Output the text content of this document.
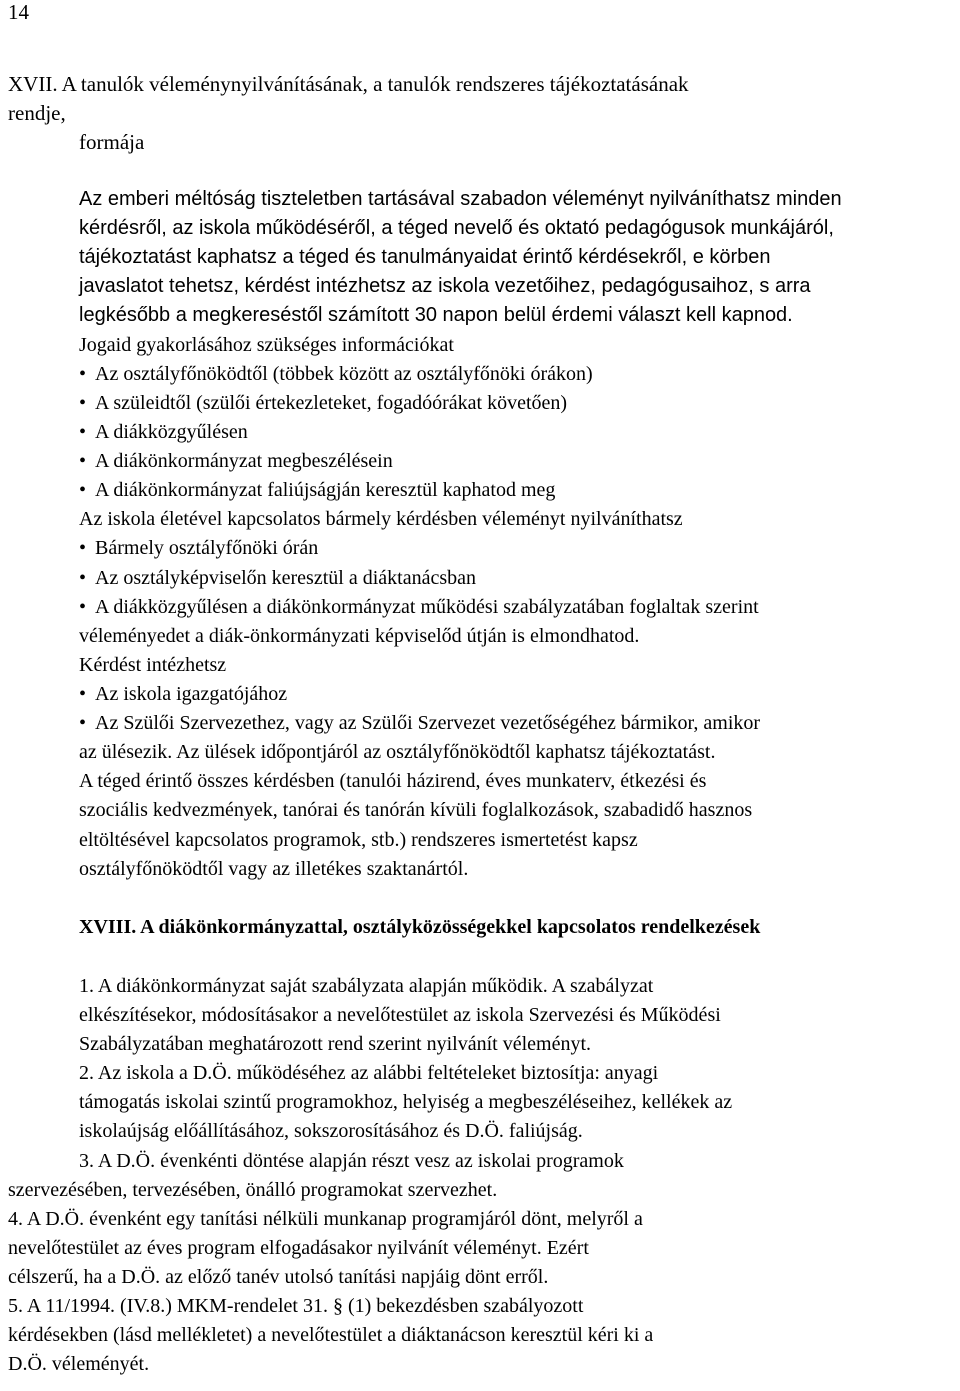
14
XVII. A tanulók véleménynyilvánításának, a tanulók rendszeres tájékoztatásának
rendje,
formája
Az emberi méltóság tiszteletben tartásával szabadon véleményt nyilváníthatsz minden
kérdésről, az iskola működéséről, a téged nevelő és oktató pedagógusok munkájáról,
tájékoztatást kaphatsz a téged és tanulmányaidat érintő kérdésekről, e körben
javaslatot tehetsz, kérdést intézhetsz az iskola vezetőihez, pedagógusaihoz, s arra
legkésőbb a megkereséstől számított 30 napon belül érdemi választ kell kapnod.
Jogaid gyakorlásához szükséges információkat
• Az osztályfőnöködtől (többek között az osztályfőnöki órákon)
• A szüleidtől (szülői értekezleteket, fogadóórákat követően)
• A diákközgyűlésen
• A diákönkormányzat megbeszélésein
• A diákönkormányzat faliújságján keresztül kaphatod meg
Az iskola életével kapcsolatos bármely kérdésben véleményt nyilváníthatsz
• Bármely osztályfőnöki órán
• Az osztályképviselőn keresztül a diáktanácsban
• A diákközgyűlésen a diákönkormányzat működési szabályzatában foglaltak szerint
véleményedet a diák-önkormányzati képviselőd útján is elmondhatod.
Kérdést intézhetsz
• Az iskola igazgatójához
• Az Szülői Szervezethez, vagy az Szülői Szervezet vezetőségéhez bármikor, amikor
az ülésezik. Az ülések időpontjáról az osztályfőnöködtől kaphatsz tájékoztatást.
A téged érintő összes kérdésben (tanulói házirend, éves munkaterv, étkezési és
szociális kedvezmények, tanórai és tanórán kívüli foglalkozások, szabadidő hasznos
eltöltésével kapcsolatos programok, stb.) rendszeres ismertetést kapsz
osztályfőnöködtől vagy az illetékes szaktanártól.
XVIII. A diákönkormányzattal, osztályközösségekkel kapcsolatos rendelkezések
1. A diákönkormányzat saját szabályzata alapján működik. A szabályzat
elkészítésekor, módosításakor a nevelőtestület az iskola Szervezési és Működési
Szabályzatában meghatározott rend szerint nyilvánít véleményt.
2. Az iskola a D.Ö. működéséhez az alábbi feltételeket biztosítja: anyagi
támogatás iskolai szintű programokhoz, helyiség a megbeszéléseihez, kellékek az
iskolaújság előállításához, sokszorosításához és D.Ö. faliújság.
3. A D.Ö. évenkénti döntése alapján részt vesz az iskolai programok
szervezésében, tervezésében, önálló programokat szervezhet.
4. A D.Ö. évenként egy tanítási nélküli munkanap programjáról dönt, melyről a
nevelőtestület az éves program elfogadásakor nyilvánít véleményt. Ezért
célszerű, ha a D.Ö. az előző tanév utolsó tanítási napjáig dönt erről.
5. A 11/1994. (IV.8.) MKM-rendelet 31. § (1) bekezdésben szabályozott
kérdésekben (lásd mellékletet) a nevelőtestület a diáktanácson keresztül kéri ki a
D.Ö. véleményét.
